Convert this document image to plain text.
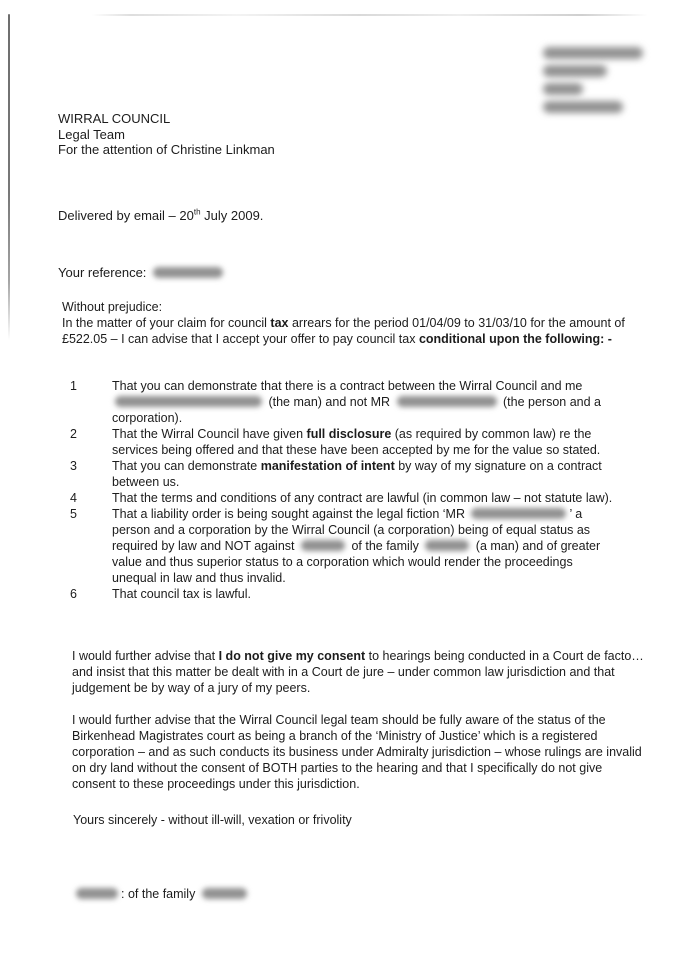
WIRRAL COUNCIL
Legal Team
For the attention of Christine Linkman

Delivered by email – 20th July 2009.

Your reference:

Without prejudice:

In the matter of your claim for council tax arrears for the period 01/04/09 to 31/03/10 for the amount of £522.05 – I can advise that I accept your offer to pay council tax conditional upon the following: -

1	That you can demonstrate that there is a contract between the Wirral Council and me  (the man) and not MR	(the person and a corporation).
2	That the Wirral Council have given full disclosure (as required by common law) re the services being offered and that these have been accepted by me for the value so stated.
3	That you can demonstrate manifestation of intent by way of my signature on a contract between us.
4	That the terms and conditions of any contract are lawful (in common law – not statute law).
5	That a liability order is being sought against the legal fiction ‘MR	’ a person and a corporation by the Wirral Council (a corporation) being of equal status as required by law and NOT against	of the family	(a man) and of greater value and thus superior status to a corporation which would render the proceedings unequal in law and thus invalid.
6	That council tax is lawful.

I would further advise that I do not give my consent to hearings being conducted in a Court de facto… and insist that this matter be dealt with in a Court de jure – under common law jurisdiction and that judgement be by way of a jury of my peers.

I would further advise that the Wirral Council legal team should be fully aware of the status of the Birkenhead Magistrates court as being a branch of the ‘Ministry of Justice’ which is a registered corporation – and as such conducts its business under Admiralty jurisdiction – whose rulings are invalid on dry land without the consent of BOTH parties to the hearing and that I specifically do not give consent to these proceedings under this jurisdiction.

Yours sincerely - without ill-will, vexation or frivolity

: of the family
